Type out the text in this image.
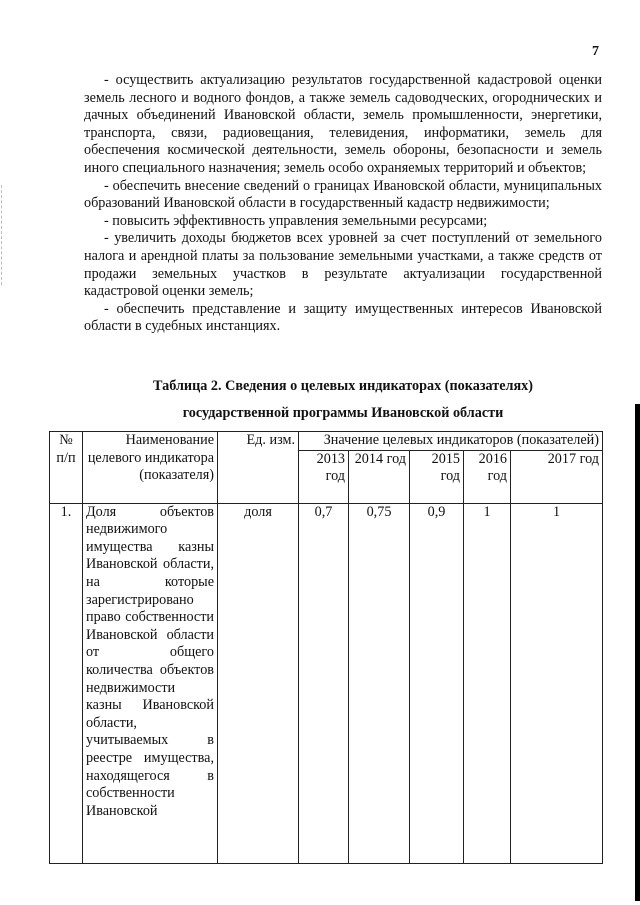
7

- осуществить актуализацию результатов государственной кадастровой оценки земель лесного и водного фондов, а также земель садоводческих, огороднических и дачных объединений Ивановской области, земель промышленности, энергетики, транспорта, связи, радиовещания, телевидения, информатики, земель для обеспечения космической деятельности, земель обороны, безопасности и земель иного специального назначения; земель особо охраняемых территорий и объектов;

- обеспечить внесение сведений о границах Ивановской области, муниципальных образований Ивановской области в государственный кадастр недвижимости;

- повысить эффективность управления земельными ресурсами;

- увеличить доходы бюджетов всех уровней за счет поступлений от земельного налога и арендной платы за пользование земельными участками, а также средств от продажи земельных участков в результате актуализации государственной кадастровой оценки земель;

- обеспечить представление и защиту имущественных интересов Ивановской области в судебных инстанциях.

Таблица 2. Сведения о целевых индикаторах (показателях)
государственной программы Ивановской области
№ п/п	Наименование целевого индикатора (показателя)	Ед. изм.	Значение целевых индикаторов (показателей)				
			2013 год	2014 год	2015 год	2016 год	2017 год
1.	Доля объектов недвижимого имущества казны Ивановской области, на которые зарегистрировано право собственности Ивановской области от общего количества объектов недвижимости казны Ивановской области, учитываемых в реестре имущества, находящегося в собственности Ивановской	доля	0,7	0,75	0,9	1	1
